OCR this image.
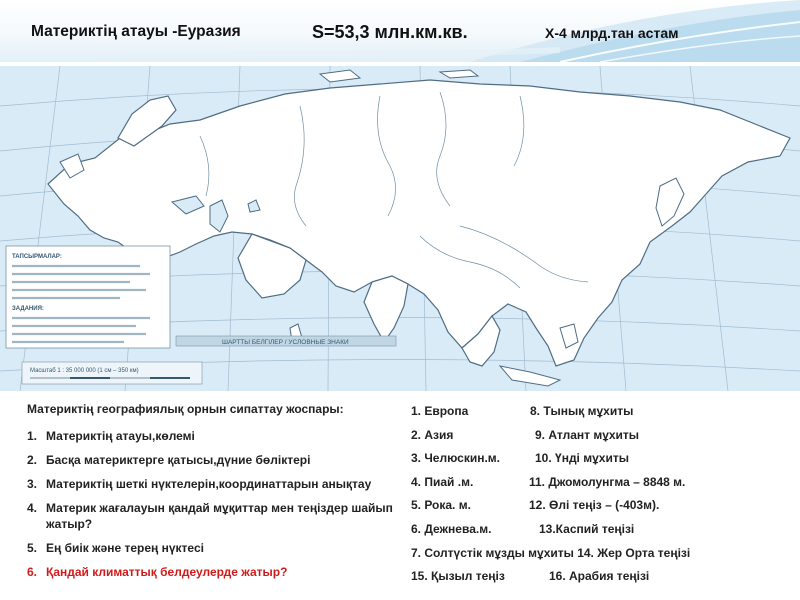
Материктің атауы -Еуразия	S=53,3 млн.км.кв.	Х-4 млрд.тан астам
ТАПСЫРМАЛАР:
ЗАДАНИЯ:
ШАРТТЫ БЕЛГІЛЕР / УСЛОВНЫЕ ЗНАКИ
Масштаб 1 : 35 000 000 (1 см – 350 км)
Материктің географиялық орнын сипаттау жоспары:
1. Материктің атауы,көлемі
2. Басқа материктерге қатысы,дүние бөліктері
3. Материктің шеткі нүктелерін,координаттарын анықтау
4. Материк жағалауын қандай мұқиттар мен теңіздер шайып жатыр?
5. Ең биік және терең нүктесі
6. Қандай климаттық белдеулерде жатыр?
1. Европа	8. Тынық мұхиты
2. Азия	9. Атлант мұхиты
3. Челюскин.м.	10. Үнді мұхиты
4. Пиай .м.	11. Джомолунгма – 8848 м.
5. Рока. м.	12. Өлі теңіз – (-403м).
6. Дежнева.м.	13.Каспий теңізі
7. Солтүстік мұзды мұхиты 14. Жер Орта теңізі
15. Қызыл теңіз	16. Арабия теңізі
